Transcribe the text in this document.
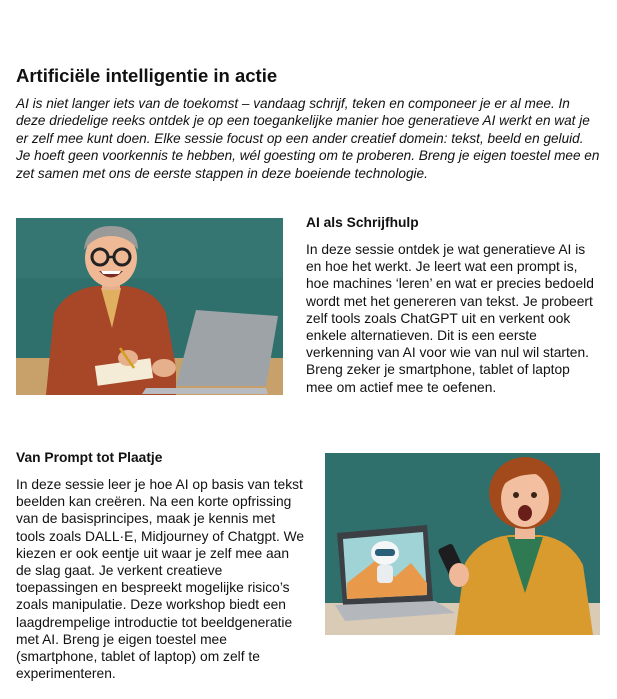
Artificiële intelligentie in actie

AI is niet langer iets van de toekomst – vandaag schrijf, teken en componeer je er al mee. In deze driedelige reeks ontdek je op een toegankelijke manier hoe generatieve AI werkt en wat je er zelf mee kunt doen. Elke sessie focust op een ander creatief domein: tekst, beeld en geluid. Je hoeft geen voorkennis te hebben, wél goesting om te proberen. Breng je eigen toestel mee en zet samen met ons de eerste stappen in deze boeiende technologie.

AI als Schrijfhulp

In deze sessie ontdek je wat generatieve AI is en hoe het werkt. Je leert wat een prompt is, hoe machines ‘leren’ en wat er precies bedoeld wordt met het genereren van tekst. Je probeert zelf tools zoals ChatGPT uit en verkent ook enkele alternatieven. Dit is een eerste verkenning van AI voor wie van nul wil starten. Breng zeker je smartphone, tablet of laptop mee om actief mee te oefenen.

Van Prompt tot Plaatje

In deze sessie leer je hoe AI op basis van tekst beelden kan creëren. Na een korte opfrissing van de basisprincipes, maak je kennis met tools zoals DALL·E, Midjourney of Chatgpt. We kiezen er ook eentje uit waar je zelf mee aan de slag gaat. Je verkent creatieve toepassingen en bespreekt mogelijke risico’s zoals manipulatie. Deze workshop biedt een laagdrempelige introductie tot beeldgeneratie met AI. Breng je eigen toestel mee (smartphone, tablet of laptop) om zelf te experimenteren.
